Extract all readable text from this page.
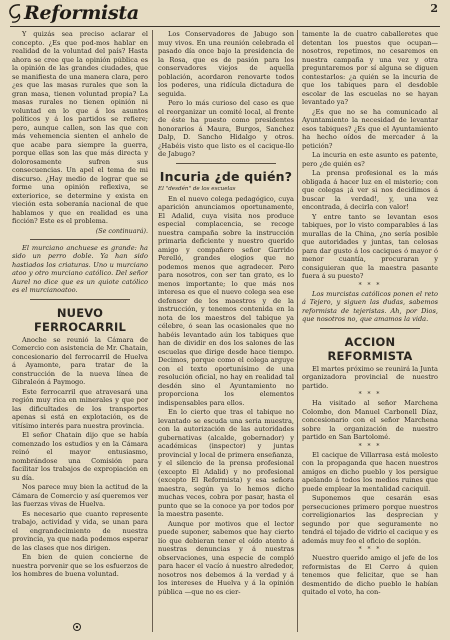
Reformista	2

Y quizás sea preciso aclarar el concepto. ¿Es que pod-mos hablar en realidad de la voluntad del país? Hasta ahora se cree que la opinión pública es la opinión de las grandes ciudades, que se manifiesta de una manera clara, pero ¿es que las masas rurales que son la gran masa, tienen voluntad propia? La masas rurales no tienen opinión ni voluntad en lo que á los asuntos políticos y á los partidos se refiere; pero, aunque callen, son las que con más vehemencia sienten el anhelo de que acabe para siempre la guerra, porque ellas son las que más directa y dolorosamente sufren sus consecuencias. Un apel el tema de mi discurso. ¿Hay medio de lograr que se forme una opinión reflexiva, se exteriorice, se determine y exista en vieción esta soberanía nacional de que hablamos y que en realidad es una ficción? Este es el problema.

(Se continuará).

El murciano anchuese es grande: ha sido un perro doble. Ya han sido hastiados los criaturas. Uno u murciano atoo y otro murciano católico. Del señor Aurel no dice que es un quiote católico es el murcianoatoo.

NUEVO FERROCARRIL

Anoche se reunió la Cámara de Comercio con asistencia de Mr. Chatain, concesionario del ferrocarril de Huelva á Ayamonte, para tratar de la construcción de la nueva línea de Gibraleón á Paymogo.

Este ferrocarril que atravesará una región muy rica en minerales y que por las dificultades de los transportes apenas si está en explotación, es de vitísimo interés para nuestra provincia.

El señor Chatain dijo que se había comenzado los estudios y en la Cámara reinó el mayor entusiasmo, nombrándose una Comisión para facilitar los trabajos de expropiación en su día.

Nos parece muy bien la actitud de la Cámara de Comercio y así queremos ver las fuerzas vivas de Huelva.

Es necesario que cuanto represente trabajo, actividad y vida, se unan para el engrandecimiento de nuestra provincia, ya que nada podemos esperar de las clases que nos dirigen.

En bien de quien concierne de nuestra porvenir que se los esfuerzos de los hombres de buena voluntad.

Los Conservadores de Jabugo son muy vivos. En una reunión celebrada el pasado día once bajo la presidencia de la Rosa, que es de pasión para los conservadores viejos de aquella población, acordaron renovarte todos los poderes, una ridícula dictadura de seguida.

Pero lo más curioso del caso es que el reorganizar un comité local, al frente de éste ha puesto como presidentes honorarios á Maura, Burgos, Sanchez Dalp, D. Sancho Hidalgo y otros. ¿Habéis visto que listo es el cacique-llo de Jabugo?

Incuria ¿de quién?
El "desdén" de los escuelas

En el nuevo colega pedagógico, cuya aparición anunciamos oportunamente, El Adalid, cuya visita nos produce especial complacencia, se recoge nuestra campaña sobre la instrucción primaria deficiente y nuestro querido amigo y compañero señor Garrido Perelló, grandes elogios que no podemos menos que agradecer. Pero para nosotros, con ser tan grato, es lo menos importante; lo que más nos interesa es que el nuevo colega sea ese defensor de los maestros y de la instrucción, y tenemos contenida en la nota de los maestros del tabique ya célebre, ó sean las ocasionales que no habéis levantado aún los tabiques que han de dividir en dos los salones de las escuelas que dirige desde hace tiempo. Decimos, porque como el colega arguye con el texto oportunísimo de una resolución oficial, no hay en realidad tal desdén sino el Ayuntamiento no proporciona los elementos indispensables para ellos.

En lo cierto que tras el tabique no levantado se escuda una seria muestra, con la autorización de las autoridades gubernativas (alcalde, gobernador) y académicas (inspector) y juntas provincial y local de primera enseñanza, y el silencio de la prensa profesional (excepto El Adalid) y no profesional (excepto El Reformista) y esa señora maestra, según ya lo hemos dicho muchas veces, cobra por pasar, hasta el punto que se la conoce ya por todos por la maestra pasente.

Aunque por motivos que el lector puede suponer, sabemos que hay cierto lío que debieran tener el oído atento á nuestras denuncias y á nuestras observaciones, una especie de compló para hacer el vacío á nuestro alrededor, nosotros nos debemos á la verdad y á los intereses de Huelva y á la opinión pública —que no es cier-

tamente la de cuatro caballeretes que detentan los puestos que ocupan—nosotros, repetimos, no cesaremos en nuestra campaña y una vez y otra preguntaremos por sí alguna se diguen contestarlos: ¿a quién se la incuria de que los tabiques para el desdoble escolar de las escuelas no se hayan levantado ya?

¿Es que no se ha comunicado al Ayuntamiento la necesidad de levantar esos tabiques? ¿Es que el Ayuntamiento ha hecho oídos de mercader á la petición?

La incuria en este asunto es patente, pero ¿de quién es?

La prensa profesional es la más obligada á hacer luz en el misterio; con que colegas ¡á ver si nos decidimos á buscar la verdad!, y, una vez encontrada, á decirla con valor!

Y entre tanto se levantan esos tabiques, por lo visto comparables á las murallas de la China, ¿no sería posible que autoridades y juntas, tan celosas para dar gusto á los caciques ó mayor ó menor cuantía, procuraran y consiguieran que la maestra pasante fuera á su puesto?

* * *

Los murcistas católicos ponen el reto á Tejero, y siguen las dudas, sabemos reformista de tejeristas. Ah, por Dios, que nosotros no, que amamos la vida.

ACCION REFORMISTA

El martes próximo se reunirá la Junta organizadora provincial de nuestro partido.

* * *

Ha visitado al señor Marchena Colombo, don Manuel Carbonell Díaz, concesionario con el señor Marchena sobre la organización de nuestro partido en San Bartolomé.

* * *

El cacique de Villarrasa está molesto con la propaganda que hacen nuestros amigos en dicho pueblo y los persigue apelando á todos los medios ruines que puede emplear la mentalidad caciquil.

Suponemos que cesarán esas persecuciones primero porque nuestros correligionarios las desprecian y segundo por que seguramente no tendrá el tejado de vidrio el cacique y es además muy feo el oficio de soplón.

* * *

Nuestro querido amigo el jefe de los reformistas de El Cerro á quien tenemos que felicitar, que se han desmentido de dicho pueblo le habían quitado el voto, ha con-
